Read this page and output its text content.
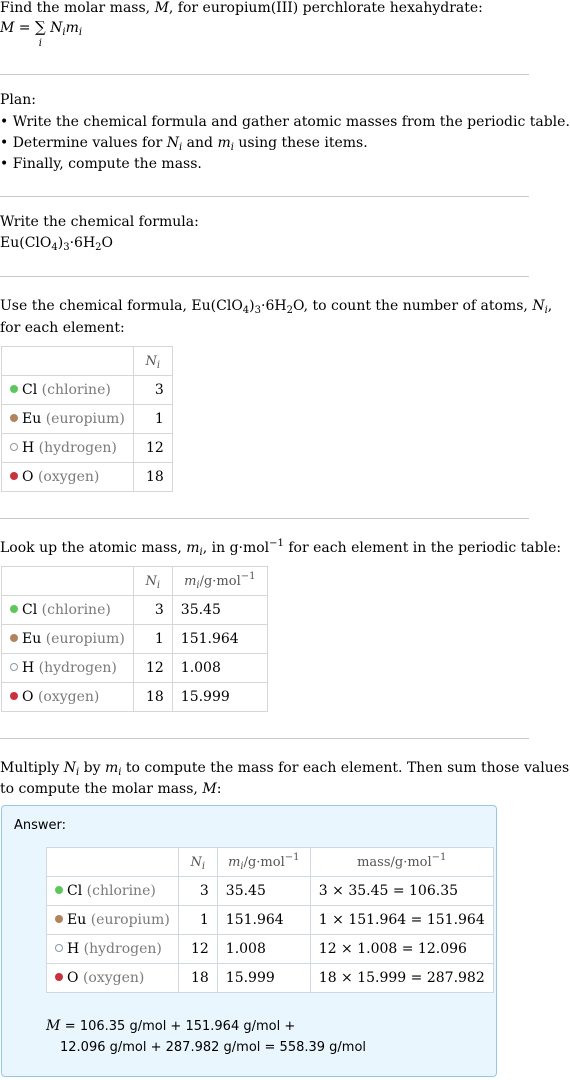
Find the molar mass, M, for europium(III) perchlorate hexahydrate:
M = ∑
i $N_im_i$
Plan:
• Write the chemical formula and gather atomic masses from the periodic table.
• Determine values for $N_i$ and $m_i$ using these items.
• Finally, compute the mass.
Write the chemical formula:
$Eu(ClO_4)_3\cdot 6H_2O$
Use the chemical formula, $Eu(ClO_4)_3\cdot 6H_2O$, to count the number of atoms, $N_i$,
for each element:
	$N_i$
Cl (chlorine)	3
Eu (europium)	1
H (hydrogen)	12
O (oxygen)	18
Look up the atomic mass, $m_i$, in g·mol$^{-1}$ for each element in the periodic table:
	$N_i$	$m_i/g\cdot mol^{-1}$
Cl (chlorine)	3	35.45
Eu (europium)	1	151.964
H (hydrogen)	12	1.008
O (oxygen)	18	15.999
Multiply $N_i$ by $m_i$ to compute the mass for each element. Then sum those values
to compute the molar mass, M:
Answer:
	$N_i$	$m_i/g\cdot mol^{-1}$	mass/g·mol$^{-1}$
Cl (chlorine)	3	35.45	3 × 35.45 = 106.35
Eu (europium)	1	151.964	1 × 151.964 = 151.964
H (hydrogen)	12	1.008	12 × 1.008 = 12.096
O (oxygen)	18	15.999	18 × 15.999 = 287.982
M = 106.35 g/mol + 151.964 g/mol +
12.096 g/mol + 287.982 g/mol = 558.39 g/mol
